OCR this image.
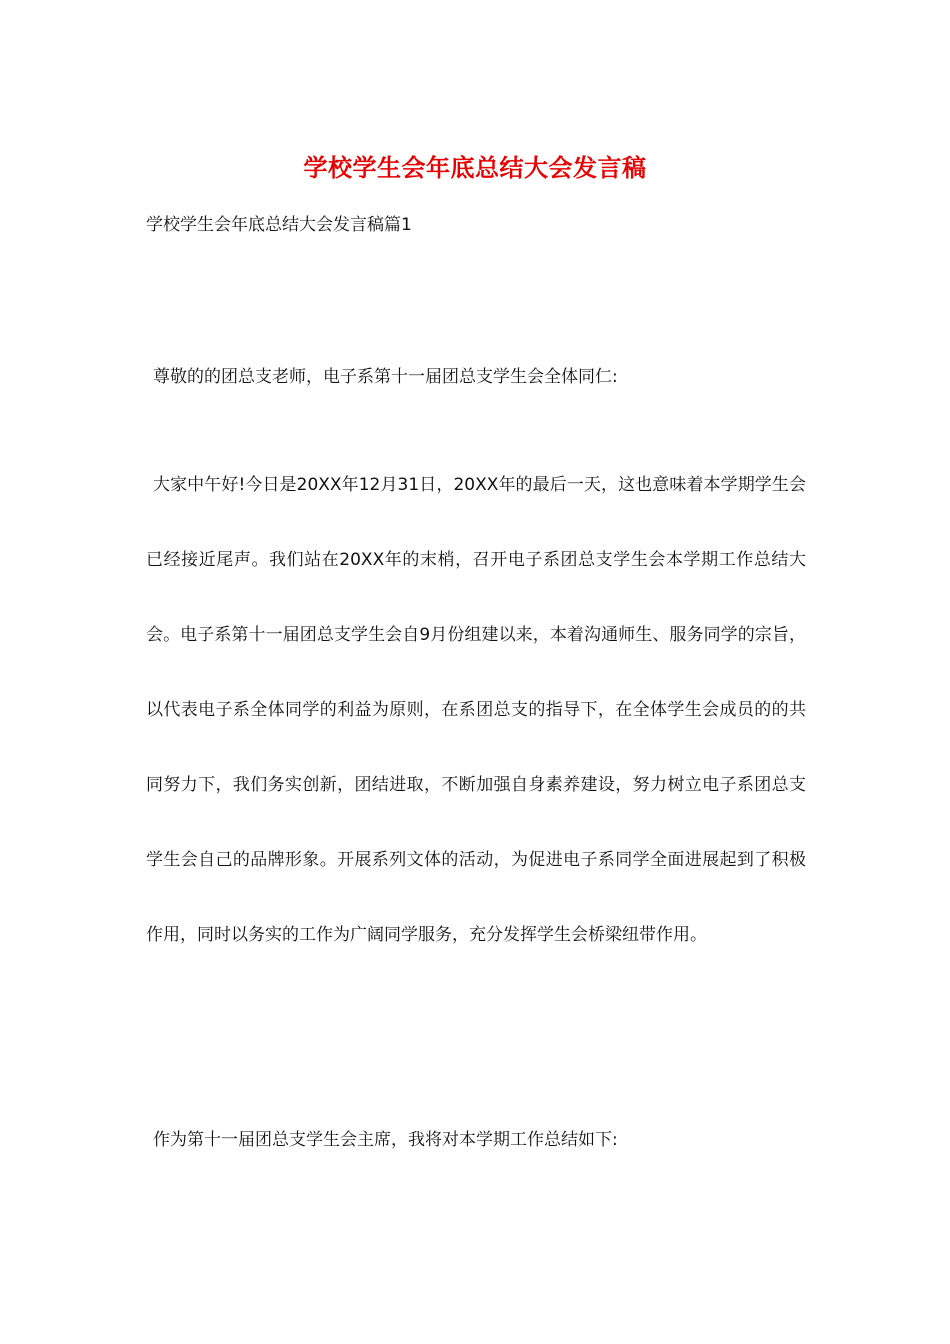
学校学生会年底总结大会发言稿
学校学生会年底总结大会发言稿篇1

尊敬的的团总支老师，电子系第十一届团总支学生会全体同仁:

大家中午好!今日是20XX年12月31日，20XX年的最后一天，这也意味着本学期学生会已经接近尾声。我们站在20XX年的末梢，召开电子系团总支学生会本学期工作总结大会。电子系第十一届团总支学生会自9月份组建以来，本着沟通师生、服务同学的宗旨，以代表电子系全体同学的利益为原则，在系团总支的指导下，在全体学生会成员的的共同努力下，我们务实创新，团结进取，不断加强自身素养建设，努力树立电子系团总支学生会自己的品牌形象。开展系列文体的活动，为促进电子系同学全面进展起到了积极作用，同时以务实的工作为广阔同学服务，充分发挥学生会桥梁纽带作用。

作为第十一届团总支学生会主席，我将对本学期工作总结如下:
